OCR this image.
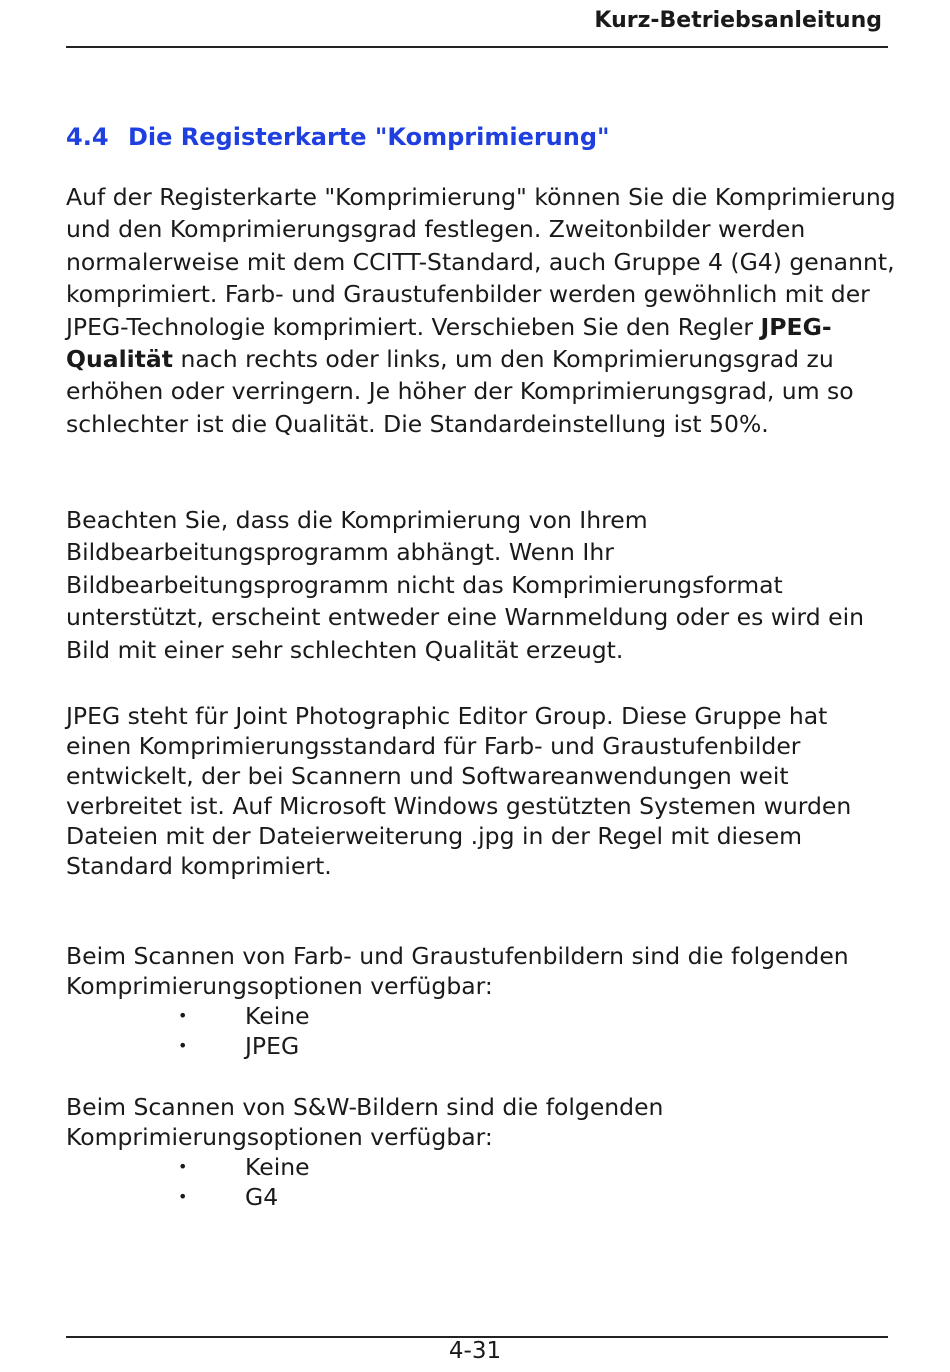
Kurz-Betriebsanleitung
4.4 Die Registerkarte "Komprimierung"

Auf der Registerkarte "Komprimierung" können Sie die Komprimierung und den Komprimierungsgrad festlegen. Zweitonbilder werden normalerweise mit dem CCITT-Standard, auch Gruppe 4 (G4) genannt, komprimiert. Farb- und Graustufenbilder werden gewöhnlich mit der JPEG-Technologie komprimiert. Verschieben Sie den Regler JPEG-Qualität nach rechts oder links, um den Komprimierungsgrad zu erhöhen oder verringern. Je höher der Komprimierungsgrad, um so schlechter ist die Qualität. Die Standardeinstellung ist 50%.

Beachten Sie, dass die Komprimierung von Ihrem Bildbearbeitungsprogramm abhängt. Wenn Ihr Bildbearbeitungsprogramm nicht das Komprimierungsformat unterstützt, erscheint entweder eine Warnmeldung oder es wird ein Bild mit einer sehr schlechten Qualität erzeugt.

JPEG steht für Joint Photographic Editor Group. Diese Gruppe hat einen Komprimierungsstandard für Farb- und Graustufenbilder entwickelt, der bei Scannern und Softwareanwendungen weit verbreitet ist. Auf Microsoft Windows gestützten Systemen wurden Dateien mit der Dateierweiterung .jpg in der Regel mit diesem Standard komprimiert.

Beim Scannen von Farb- und Graustufenbildern sind die folgenden Komprimierungsoptionen verfügbar:

• Keine
• JPEG

Beim Scannen von S&W-Bildern sind die folgenden Komprimierungsoptionen verfügbar:

• Keine
• G4
4-31
